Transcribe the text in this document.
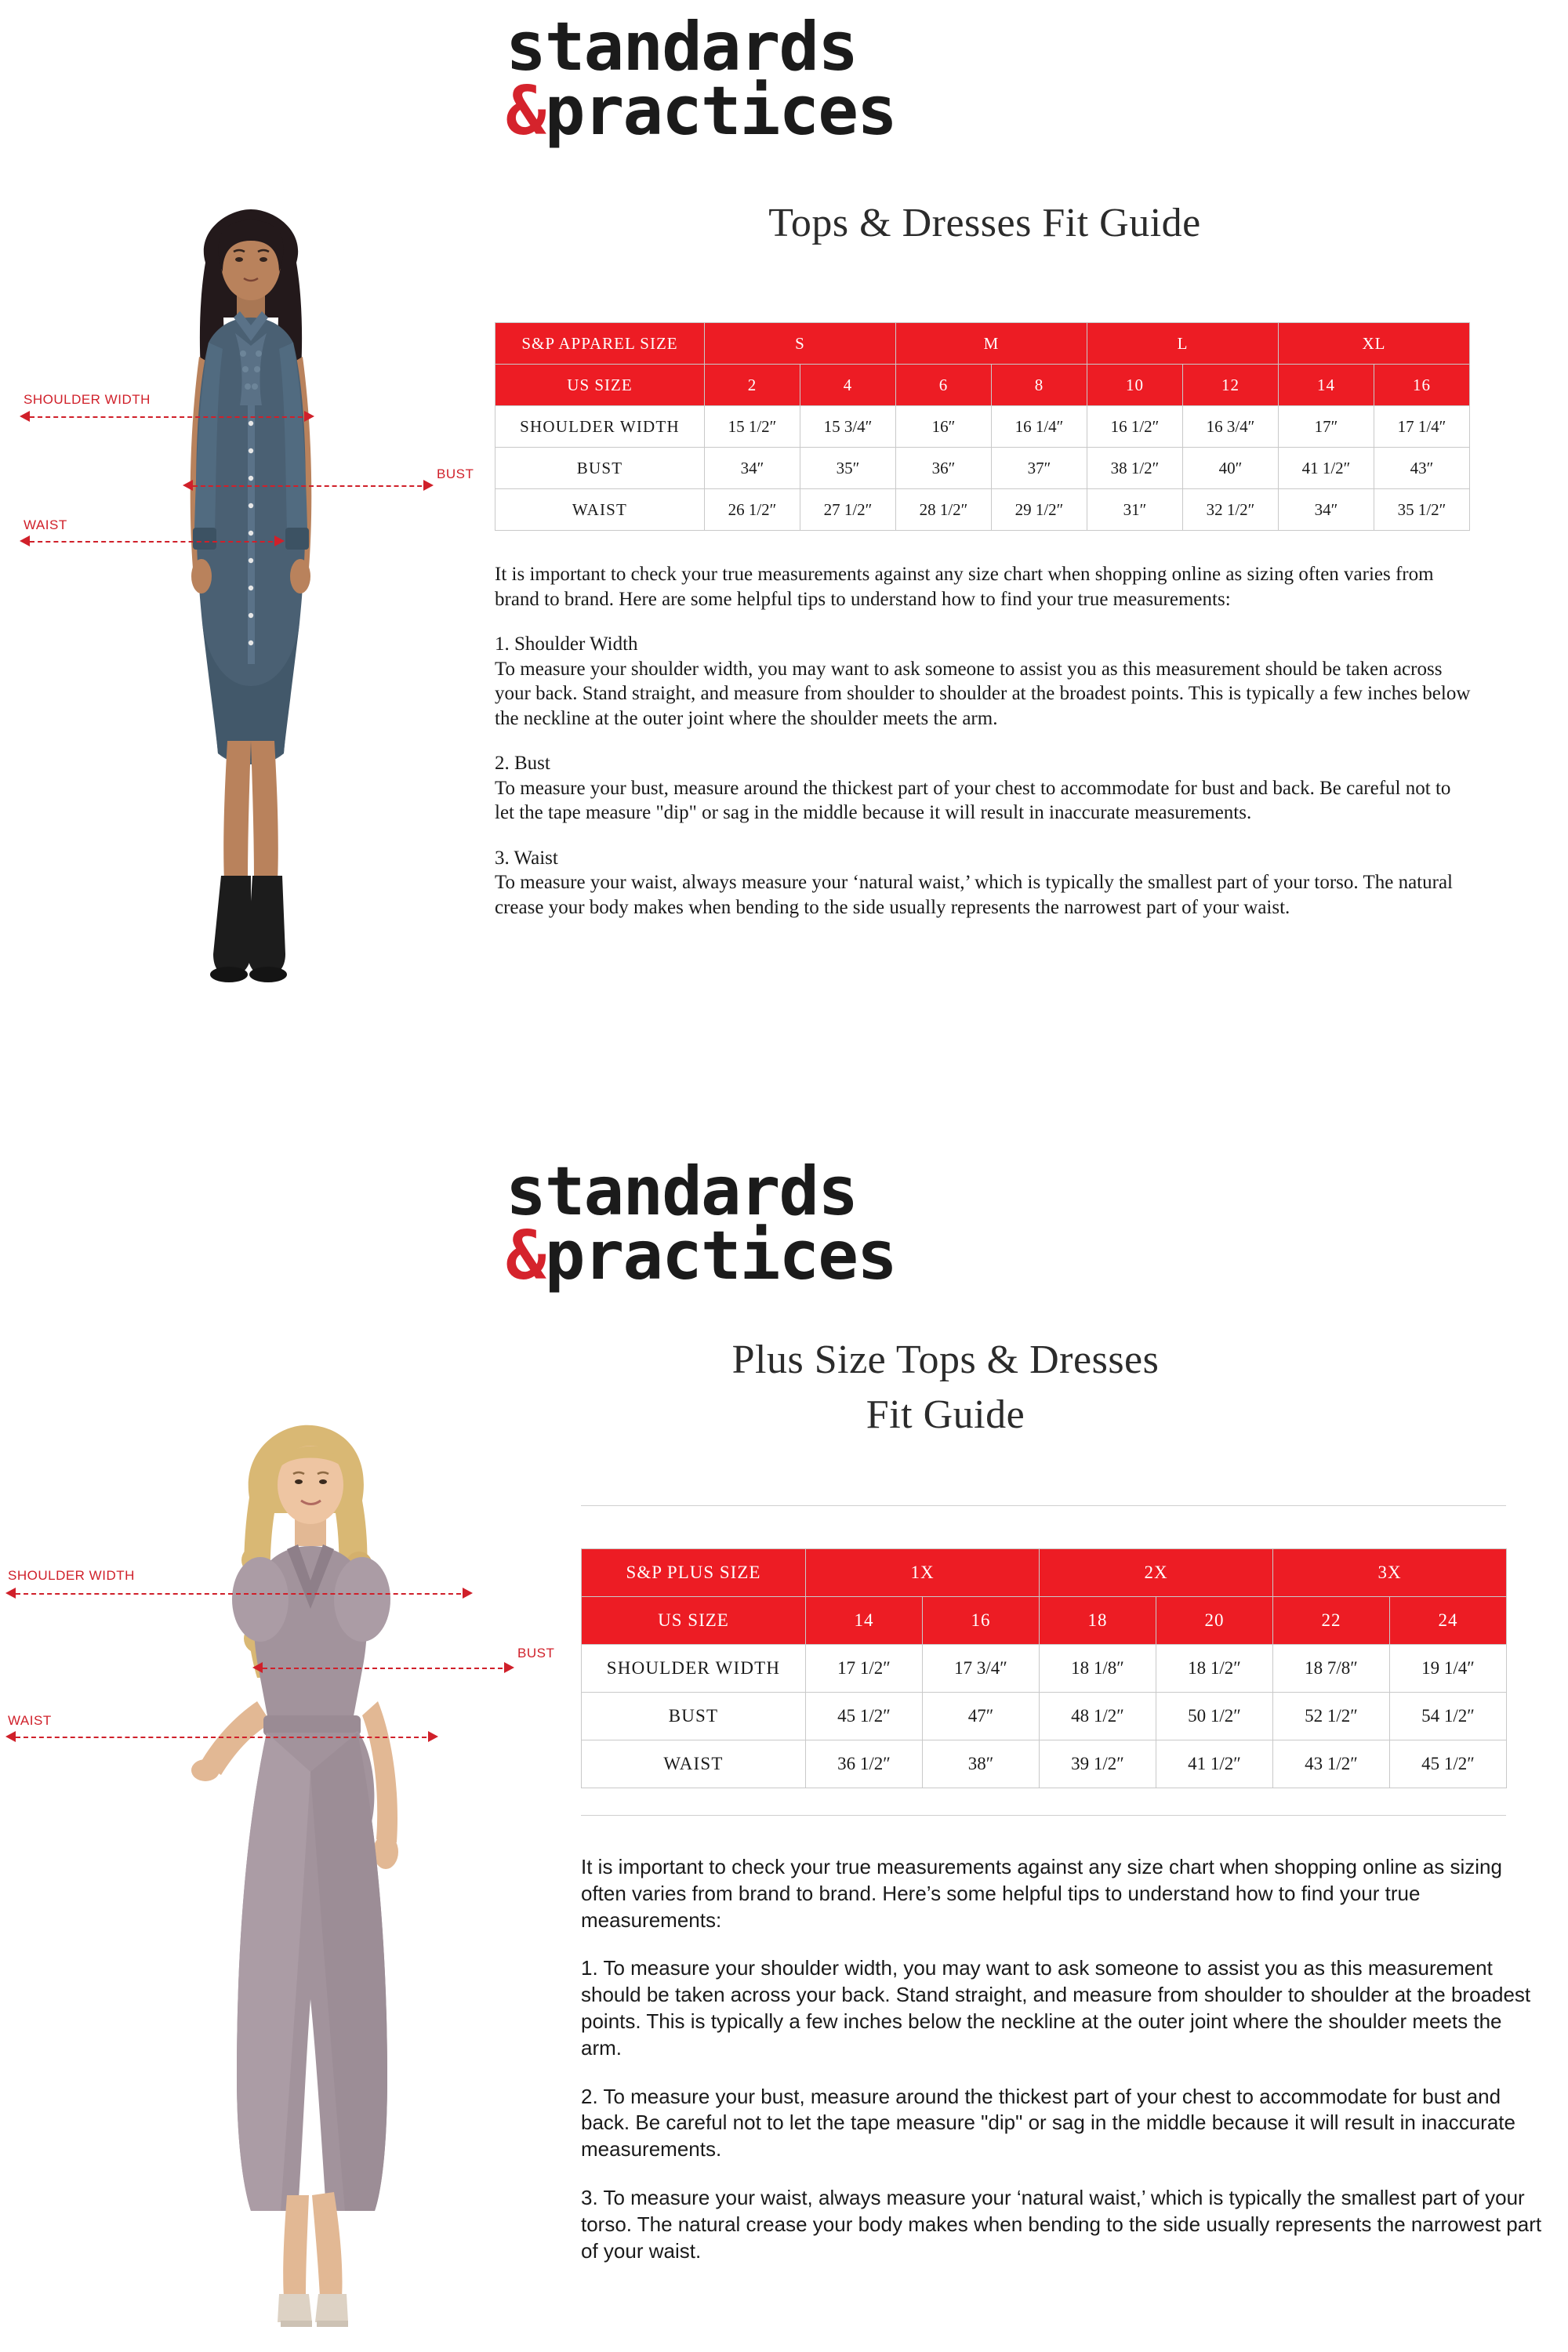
standards
&practices
Tops & Dresses Fit Guide
SHOULDER WIDTH
BUST
WAIST
S&P APPAREL SIZE	S		M		L		XL	
US SIZE	2	4	6	8	10	12	14	16
SHOULDER WIDTH	15 1/2″	15 3/4″	16″	16 1/4″	16 1/2″	16 3/4″	17″	17 1/4″
BUST	34″	35″	36″	37″	38 1/2″	40″	41 1/2″	43″
WAIST	26 1/2″	27 1/2″	28 1/2″	29 1/2″	31″	32 1/2″	34″	35 1/2″

It is important to check your true measurements against any size chart when shopping online as sizing often varies from brand to brand. Here are some helpful tips to understand how to find your true measurements:

1. Shoulder Width

To measure your shoulder width, you may want to ask someone to assist you as this measurement should be taken across your back. Stand straight, and measure from shoulder to shoulder at the broadest points. This is typically a few inches below the neckline at the outer joint where the shoulder meets the arm.

2. Bust

To measure your bust, measure around the thickest part of your chest to accommodate for bust and back. Be careful not to let the tape measure "dip" or sag in the middle because it will result in inaccurate measurements.

3. Waist

To measure your waist, always measure your ‘natural waist,’ which is typically the smallest part of your torso. The natural crease your body makes when bending to the side usually represents the narrowest part of your waist.

standards
&practices
Plus Size Tops & Dresses
Fit Guide
SHOULDER WIDTH
BUST
WAIST
S&P PLUS SIZE	1X		2X		3X	
US SIZE	14	16	18	20	22	24
SHOULDER WIDTH	17 1/2″	17 3/4″	18 1/8″	18 1/2″	18 7/8″	19 1/4″
BUST	45 1/2″	47″	48 1/2″	50 1/2″	52 1/2″	54 1/2″
WAIST	36 1/2″	38″	39 1/2″	41 1/2″	43 1/2″	45 1/2″

It is important to check your true measurements against any size chart when shopping online as sizing often varies from brand to brand. Here’s some helpful tips to understand how to find your true measurements:

1. To measure your shoulder width, you may want to ask someone to assist you as this measurement should be taken across your back. Stand straight, and measure from shoulder to shoulder at the broadest points. This is typically a few inches below the neckline at the outer joint where the shoulder meets the arm.

2. To measure your bust, measure around the thickest part of your chest to accommodate for bust and back. Be careful not to let the tape measure "dip" or sag in the middle because it will result in inaccurate measurements.

3. To measure your waist, always measure your ‘natural waist,’ which is typically the smallest part of your torso. The natural crease your body makes when bending to the side usually represents the narrowest part of your waist.
